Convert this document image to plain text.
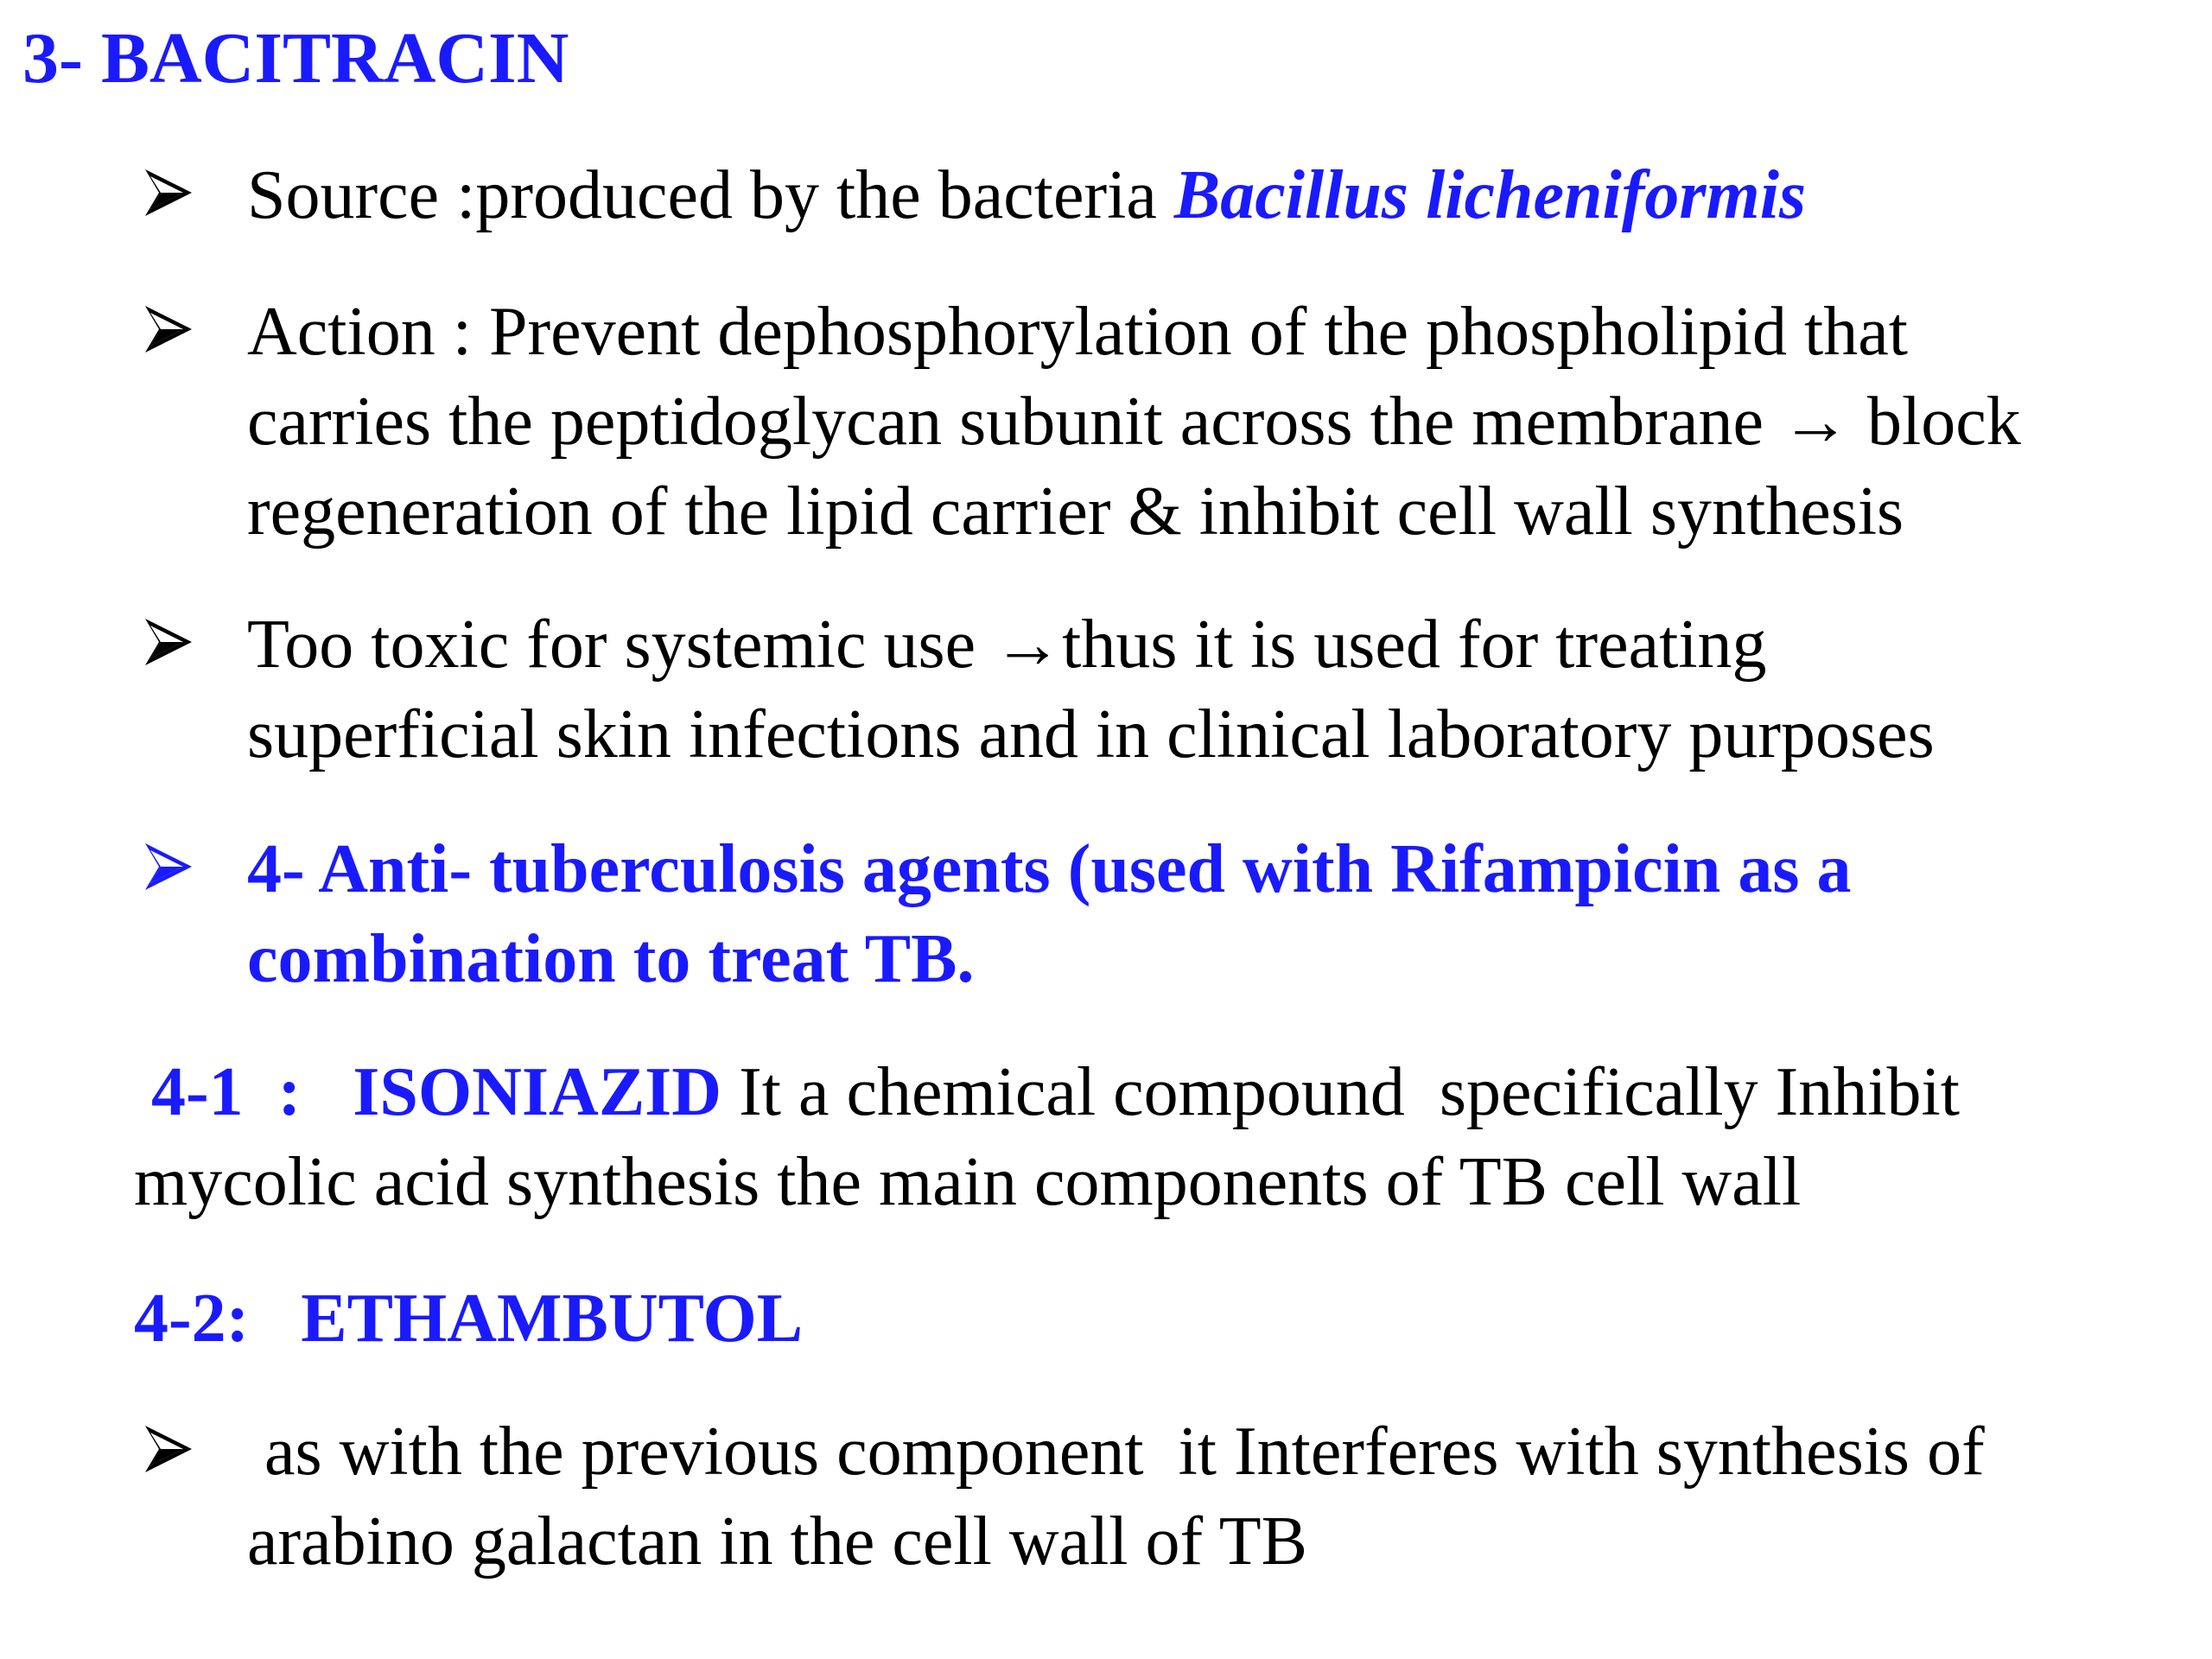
3- BACITRACIN
Source :produced by the bacteria Bacillus licheniformis
Action : Prevent dephosphorylation of the phospholipid that
carries the peptidoglycan subunit across the membrane → block
regeneration of the lipid carrier & inhibit cell wall synthesis
Too toxic for systemic use →thus it is used for treating
superficial skin infections and in clinical laboratory purposes
4- Anti- tuberculosis agents (used with Rifampicin as a
combination to treat TB.
4-1  :   ISONIAZID It a chemical compound  specifically Inhibit
mycolic acid synthesis the main components of TB cell wall
4-2:   ETHAMBUTOL
as with the previous component  it Interferes with synthesis of
arabino galactan in the cell wall of TB
